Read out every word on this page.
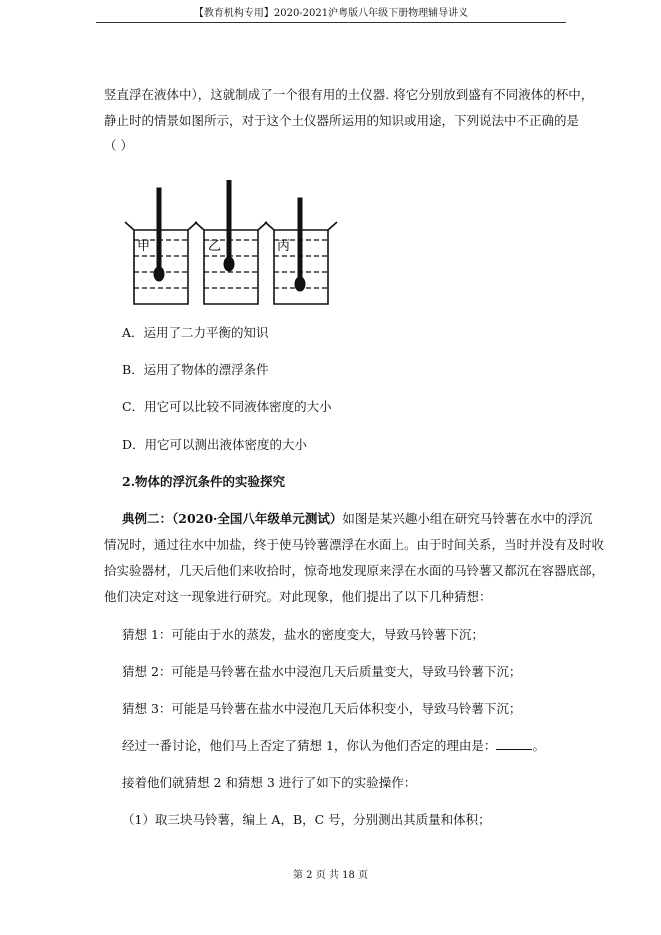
【教育机构专用】2020-2021沪粤版八年级下册物理辅导讲义
竖直浮在液体中），这就制成了一个很有用的土仪器. 将它分别放到盛有不同液体的杯中，
静止时的情景如图所示，对于这个土仪器所运用的知识或用途，下列说法中不正确的是
（ ）
甲	乙	丙
A．运用了二力平衡的知识
B．运用了物体的漂浮条件
C．用它可以比较不同液体密度的大小
D．用它可以测出液体密度的大小
2.物体的浮沉条件的实验探究
典例二：（2020·全国八年级单元测试）如图是某兴趣小组在研究马铃薯在水中的浮沉
情况时，通过往水中加盐，终于使马铃薯漂浮在水面上。由于时间关系，当时并没有及时收
拾实验器材，几天后他们来收拾时，惊奇地发现原来浮在水面的马铃薯又都沉在容器底部，
他们决定对这一现象进行研究。对此现象，他们提出了以下几种猜想：
猜想 1：可能由于水的蒸发，盐水的密度变大，导致马铃薯下沉；
猜想 2：可能是马铃薯在盐水中浸泡几天后质量变大，导致马铃薯下沉；
猜想 3：可能是马铃薯在盐水中浸泡几天后体积变小，导致马铃薯下沉；
经过一番讨论，他们马上否定了猜想 1，你认为他们否定的理由是：	。
接着他们就猜想 2 和猜想 3 进行了如下的实验操作：
（1）取三块马铃薯，编上 A，B，C 号，分别测出其质量和体积；
第 2 页 共 18 页
